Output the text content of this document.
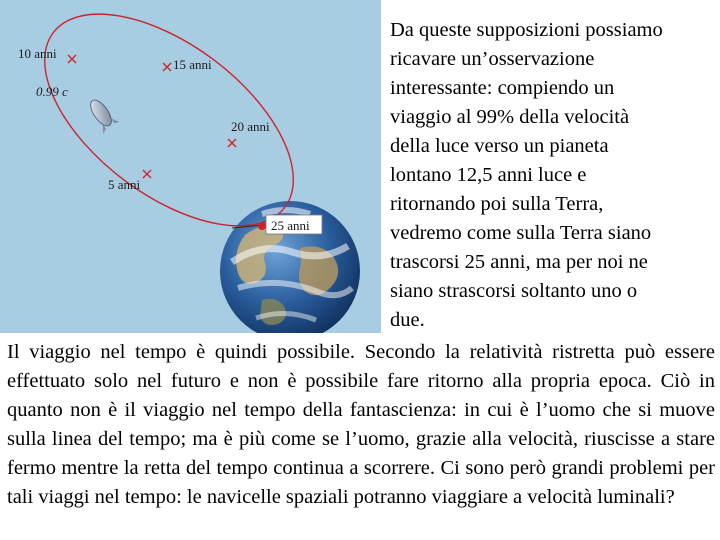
10 anni
15 anni
20 anni
5 anni
0.99 c
25 anni
Da queste supposizioni possiamo
ricavare un’osservazione
interessante: compiendo un
viaggio al 99% della velocità
della luce verso un pianeta
lontano 12,5 anni luce e
ritornando poi sulla Terra,
vedremo come sulla Terra siano
trascorsi 25 anni, ma per noi ne
siano strascorsi soltanto uno o
due.
Il viaggio nel tempo è quindi possibile. Secondo la relatività ristretta può essere effettuato solo nel futuro e non è possibile fare ritorno alla propria epoca. Ciò in quanto non è il viaggio nel tempo della fantascienza: in cui è l’uomo che si muove sulla linea del tempo; ma è più come se l’uomo, grazie alla velocità, riuscisse a stare fermo mentre la retta del tempo continua a scorrere. Ci sono però grandi problemi per tali viaggi nel tempo: le navicelle spaziali potranno viaggiare a velocità luminali?
